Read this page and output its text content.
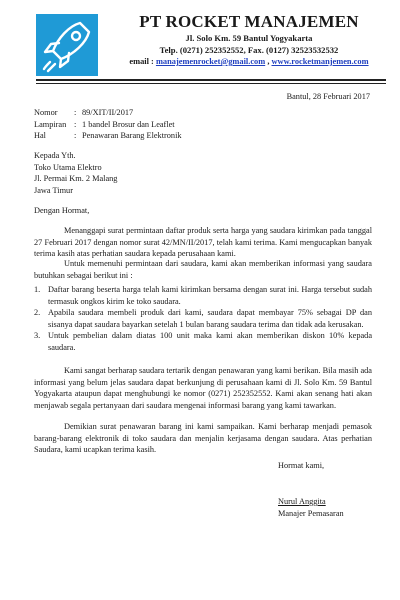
PT ROCKET MANAJEMEN
Jl. Solo Km. 59 Bantul Yogyakarta
Telp. (0271) 252352552, Fax. (0127) 32523532532
email : manajemenrocket@gmail.com , www.rocketmanjemen.com
Bantul, 28 Februari 2017
Nomor	: 89/XIT/II/2017
Lampiran : 1 bandel Brosur dan Leaflet
Hal	: Penawaran Barang Elektronik
Kepada Yth.
Toko Utama Elektro
Jl. Permai Km. 2 Malang
Jawa Timur
Dengan Hormat,
Menanggapi surat permintaan daftar produk serta harga yang saudara kirimkan pada tanggal 27 Februari 2017 dengan nomor surat 42/MN/II/2017, telah kami terima. Kami mengucapkan banyak terima kasih atas perhatian saudara kepada perusahaan kami.
Untuk memenuhi permintaan dari saudara, kami akan memberikan informasi yang saudara butuhkan sebagai berikut ini :
1. Daftar barang beserta harga telah kami kirimkan bersama dengan surat ini. Harga tersebut sudah termasuk ongkos kirim ke toko saudara.
2. Apabila saudara membeli produk dari kami, saudara dapat membayar 75% sebagai DP dan sisanya dapat saudara bayarkan setelah 1 bulan barang saudara terima dan tidak ada kerusakan.
3. Untuk pembelian dalam diatas 100 unit maka kami akan memberikan diskon 10% kepada saudara.
Kami sangat berharap saudara tertarik dengan penawaran yang kami berikan. Bila masih ada informasi yang belum jelas saudara dapat berkunjung di perusahaan kami di Jl. Solo Km. 59 Bantul Yogyakarta ataupun dapat menghubungi ke nomor (0271) 252352552. Kami akan senang hati akan menjawab segala pertanyaan dari saudara mengenai informasi barang yang kami tawarkan.
Demikian surat penawaran barang ini kami sampaikan. Kami berharap menjadi pemasok barang-barang elektronik di toko saudara dan menjalin kerjasama dengan saudara. Atas perhatian Saudara, kami ucapkan terima kasih.
Hormat kami,
Nurul Anggita
Manajer Pemasaran
